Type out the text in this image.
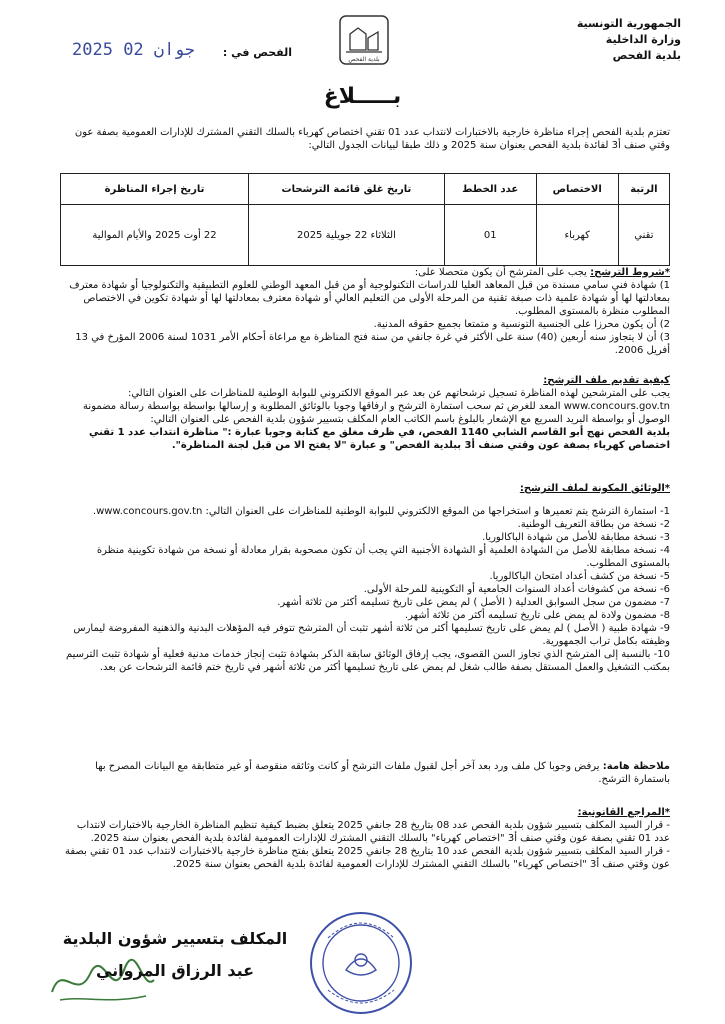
الجمهورية التونسية
وزارة الداخلية
بلدية الفحص
بلدية الفحص
2025 جوان 02	الفحص في :
بـــــلاغ

تعتزم بلدية الفحص إجراء مناظرة خارجية بالاختبارات لانتداب عدد 01 تقني اختصاص كهرباء بالسلك التقني المشترك للإدارات العمومية بصفة عون وقتي صنف أ3 لفائدة بلدية الفحص بعنوان سنة 2025 و ذلك طبقا لبيانات الجدول التالي:

الرتبة	الاختصاص	عدد الخطط	تاريخ غلق قائمة الترشحات	تاريخ إجراء المناظرة
تقني	كهرباء	01	الثلاثاء 22 جويلية 2025	22 أوت 2025 والأيام الموالية

*شروط الترشح: يجب على المترشح أن يكون متحصلا على:

1) شهادة فني سامي مسندة من قبل المعاهد العليا للدراسات التكنولوجية أو من قبل المعهد الوطني للعلوم التطبيقية والتكنولوجيا أو شهادة معترف بمعادلتها لها أو شهادة علمية ذات صبغة تقنية من المرحلة الأولى من التعليم العالي أو شهادة معترف بمعادلتها لها أو شهادة تكوين في الاختصاص المطلوب منظرة بالمستوى المطلوب.

2) أن يكون محرزا على الجنسية التونسية و متمتعا بجميع حقوقه المدنية.

3) أن لا يتجاوز سنه أربعين (40) سنة على الأكثر في غرة جانفي من سنة فتح المناظرة مع مراعاة أحكام الأمر 1031 لسنة 2006 المؤرخ في 13 أفريل 2006.

كيفية تقديم ملف الترشح:

يجب على المترشحين لهذه المناظرة تسجيل ترشحاتهم عن بعد عبر الموقع الالكتروني للبوابة الوطنية للمناظرات على العنوان التالي: www.concours.gov.tn المعد للغرض ثم سحب استمارة الترشح و ارفاقها وجوبا بالوثائق المطلوبة و إرسالها بواسطة بواسطة رسالة مضمونة الوصول أو بواسطة البريد السريع مع الإشعار بالبلوغ باسم الكاتب العام المكلف بتسيير شؤون بلدية الفحص على العنوان التالي:

بلدية الفحص نهج أبو القاسم الشابي 1140 الفحص، في ظرف مغلق مع كتابة وجوبا عبارة :" مناظرة انتداب عدد 1 تقني اختصاص كهرباء بصفة عون وقتي صنف أ3 ببلدية الفحص" و عبارة "لا يفتح الا من قبل لجنة المناظرة".

*الوثائق المكونة لملف الترشح:

1- استمارة الترشح يتم تعميرها و استخراجها من الموقع الالكتروني للبوابة الوطنية للمناظرات على العنوان التالي: www.concours.gov.tn.

2- نسخة من بطاقة التعريف الوطنية.

3- نسخة مطابقة للأصل من شهادة الباكالوريا.

4- نسخة مطابقة للأصل من الشهادة العلمية أو الشهادة الأجنبية التي يجب أن تكون مصحوبة بقرار معادلة أو نسخة من شهادة تكوينية منظرة بالمستوى المطلوب.

5- نسخة من كشف أعداد امتحان الباكالوريا.

6- نسخة من كشوفات أعداد السنوات الجامعية أو التكوينية للمرحلة الأولى.

7- مضمون من سجل السوابق العدلية ( الأصل ) لم يمض على تاريخ تسليمه أكثر من ثلاثة أشهر.

8- مضمون ولادة لم يمض على تاريخ تسليمه أكثر من ثلاثة أشهر.

9- شهادة طبية ( الأصل ) لم يمض على تاريخ تسليمها أكثر من ثلاثة أشهر تثبت أن المترشح تتوفر فيه المؤهلات البدنية والذهنية المفروضة ليمارس وظيفته بكامل تراب الجمهورية.

10- بالنسبة إلى المترشح الذي تجاوز السن القصوى، يجب إرفاق الوثائق سابقة الذكر بشهادة تثبت إنجاز خدمات مدنية فعلية أو شهادة تثبت الترسيم بمكتب التشغيل والعمل المستقل بصفة طالب شغل لم يمض على تاريخ تسليمها أكثر من ثلاثة أشهر في تاريخ ختم قائمة الترشحات عن بعد.

ملاحظة هامة: يرفض وجوبا كل ملف ورد بعد آخر أجل لقبول ملفات الترشح أو كانت وثائقه منقوصة أو غير متطابقة مع البيانات المصرح بها باستمارة الترشح.

*المراجع القانونية:

- قرار السيد المكلف بتسيير شؤون بلدية الفحص عدد 08 بتاريخ 28 جانفي 2025 يتعلق بضبط كيفية تنظيم المناظرة الخارجية بالاختبارات لانتداب عدد 01 تقني بصفة عون وقتي صنف أ3 "اختصاص كهرباء" بالسلك التقني المشترك للإدارات العمومية لفائدة بلدية الفحص بعنوان سنة 2025.

- قرار السيد المكلف بتسيير شؤون بلدية الفحص عدد 10 بتاريخ 28 جانفي 2025 يتعلق بفتح مناظرة خارجية بالاختبارات لانتداب عدد 01 تقني بصفة عون وقتي صنف أ3 "اختصاص كهرباء" بالسلك التقني المشترك للإدارات العمومية لفائدة بلدية الفحص بعنوان سنة 2025.

المكلف بتسيير شؤون البلدية
عبد الرزاق المرواني
